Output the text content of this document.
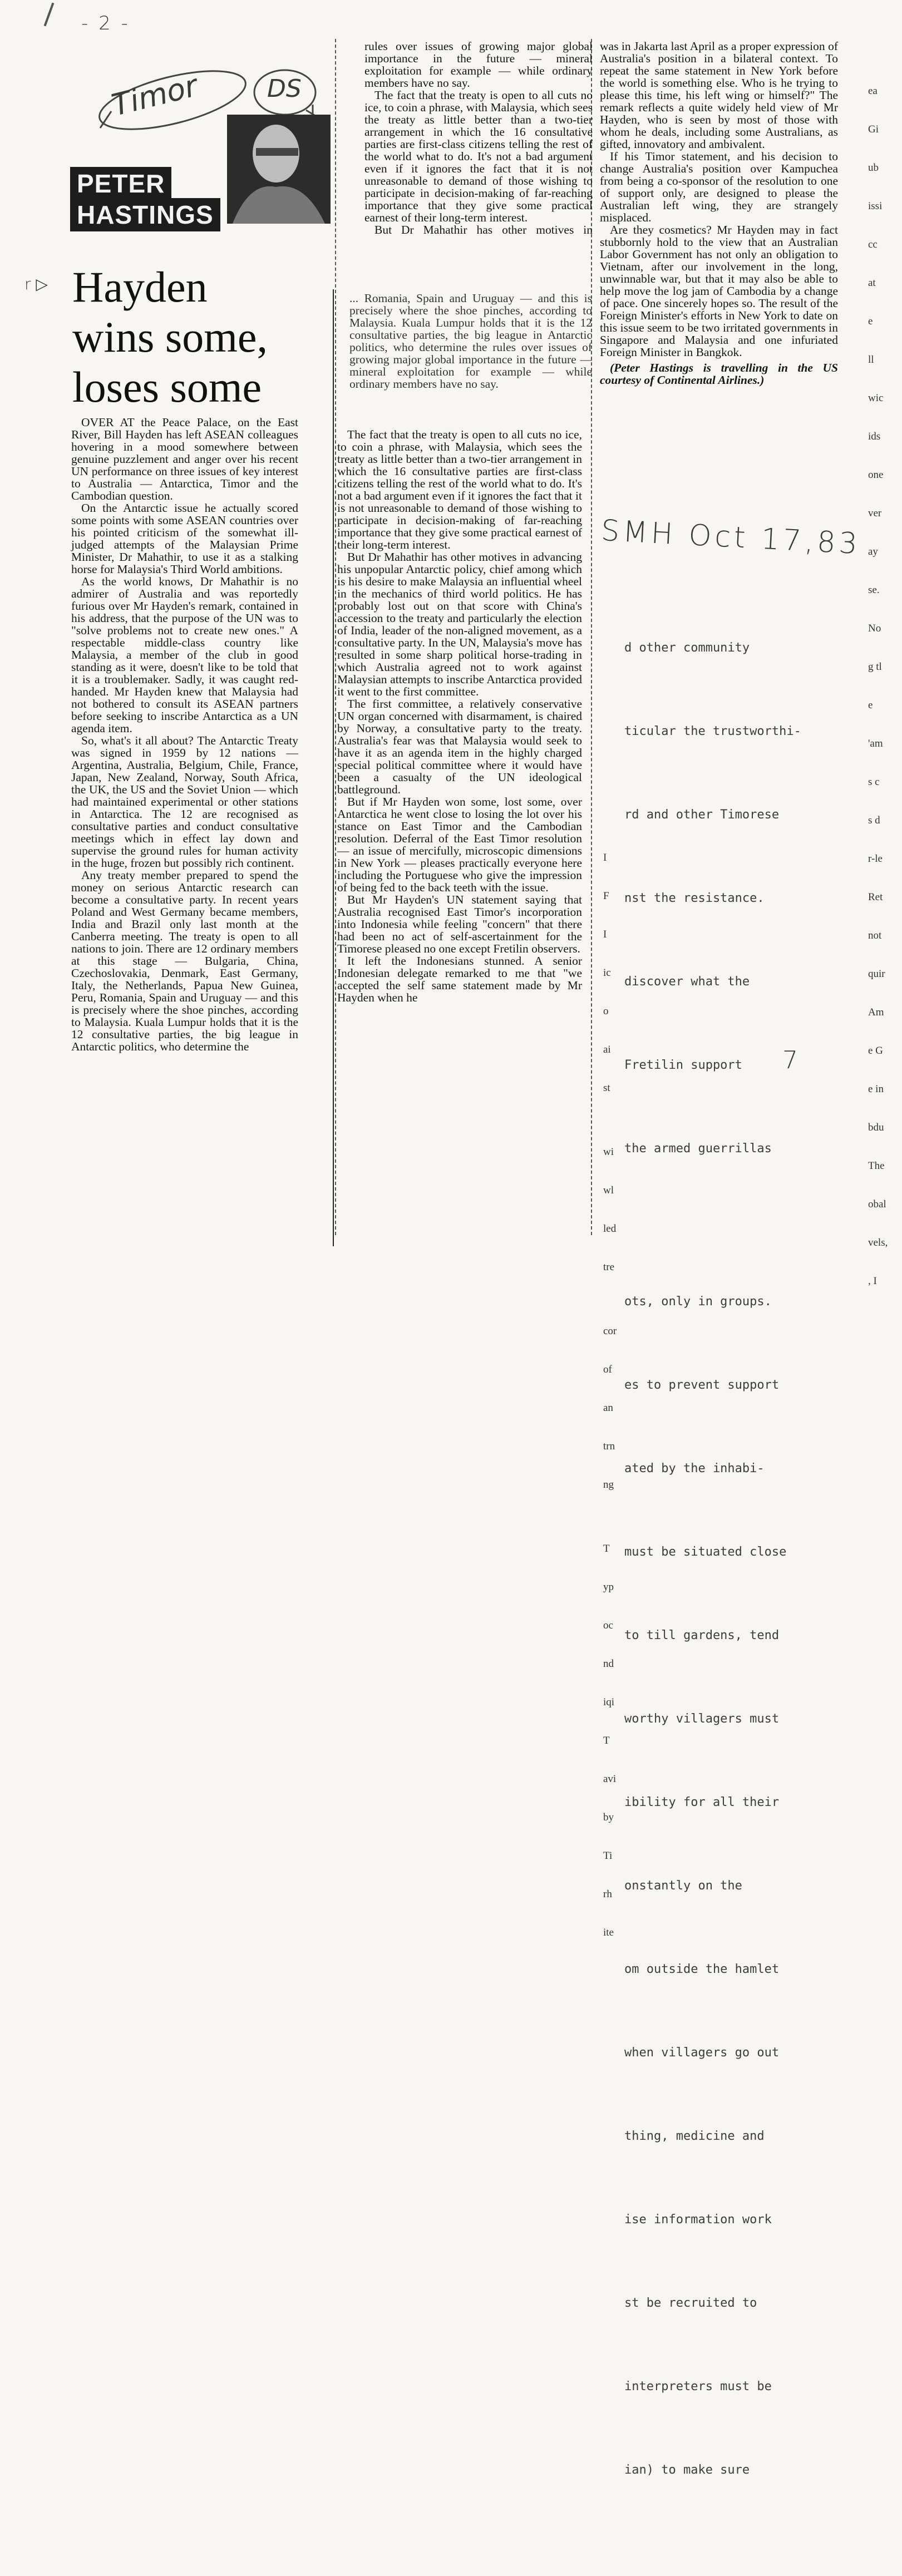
- 2 -
Timor	DS
PETER
HASTINGS
r ▷ Hayden
wins some,
loses some

OVER AT the Peace Palace, on the East River, Bill Hayden has left ASEAN colleagues hovering in a mood somewhere between genuine puzzlement and anger over his recent UN performance on three issues of key interest to Australia — Antarctica, Timor and the Cambodian question.

On the Antarctic issue he actually scored some points with some ASEAN countries over his pointed criticism of the somewhat ill-judged attempts of the Malaysian Prime Minister, Dr Mahathir, to use it as a stalking horse for Malaysia's Third World ambitions.

As the world knows, Dr Mahathir is no admirer of Australia and was reportedly furious over Mr Hayden's remark, contained in his address, that the purpose of the UN was to "solve problems not to create new ones." A respectable middle-class country like Malaysia, a member of the club in good standing as it were, doesn't like to be told that it is a troublemaker. Sadly, it was caught red-handed. Mr Hayden knew that Malaysia had not bothered to consult its ASEAN partners before seeking to inscribe Antarctica as a UN agenda item.

So, what's it all about? The Antarctic Treaty was signed in 1959 by 12 nations — Argentina, Australia, Belgium, Chile, France, Japan, New Zealand, Norway, South Africa, the UK, the US and the Soviet Union — which had maintained experimental or other stations in Antarctica. The 12 are recognised as consultative parties and conduct consultative meetings which in effect lay down and supervise the ground rules for human activity in the huge, frozen but possibly rich continent.

Any treaty member prepared to spend the money on serious Antarctic research can become a consultative party. In recent years Poland and West Germany became members, India and Brazil only last month at the Canberra meeting. The treaty is open to all nations to join. There are 12 ordinary members at this stage — Bulgaria, China, Czechoslovakia, Denmark, East Germany, Italy, the Netherlands, Papua New Guinea, Peru, Romania, Spain and Uruguay — and this is precisely where the shoe pinches, according to Malaysia. Kuala Lumpur holds that it is the 12 consultative parties, the big league in Antarctic politics, who determine the

rules over issues of growing major global importance in the future — mineral exploitation for example — while ordinary members have no say.

The fact that the treaty is open to all cuts no ice, to coin a phrase, with Malaysia, which sees the treaty as little better than a two-tier arrangement in which the 16 consultative parties are first-class citizens telling the rest of the world what to do. It's not a bad argument even if it ignores the fact that it is not unreasonable to demand of those wishing to participate in decision-making of far-reaching importance that they give some practical earnest of their long-term interest.

But Dr Mahathir has other motives in

... Romania, Spain and Uruguay — and this is precisely where the shoe pinches, according to Malaysia. Kuala Lumpur holds that it is the 12 consultative parties, the big league in Antarctic politics, who determine the rules over issues of growing major global importance in the future — mineral exploitation for example — while ordinary members have no say.

The fact that the treaty is open to all cuts no ice, to coin a phrase, with Malaysia, which sees the treaty as little better than a two-tier arrangement in which the 16 consultative parties are first-class citizens telling the rest of the world what to do. It's not a bad argument even if it ignores the fact that it is not unreasonable to demand of those wishing to participate in decision-making of far-reaching importance that they give some practical earnest of their long-term interest.

But Dr Mahathir has other motives in advancing his unpopular Antarctic policy, chief among which is his desire to make Malaysia an influential wheel in the mechanics of third world politics. He has probably lost out on that score with China's accession to the treaty and particularly the election of India, leader of the non-aligned movement, as a consultative party. In the UN, Malaysia's move has resulted in some sharp political horse-trading in which Australia agreed not to work against Malaysian attempts to inscribe Antarctica provided it went to the first committee.

The first committee, a relatively conservative UN organ concerned with disarmament, is chaired by Norway, a consultative party to the treaty. Australia's fear was that Malaysia would seek to have it as an agenda item in the highly charged special political committee where it would have been a casualty of the UN ideological battleground.

But if Mr Hayden won some, lost some, over Antarctica he went close to losing the lot over his stance on East Timor and the Cambodian resolution. Deferral of the East Timor resolution — an issue of mercifully, microscopic dimensions in New York — pleases practically everyone here including the Portuguese who give the impression of being fed to the back teeth with the issue.

But Mr Hayden's UN statement saying that Australia recognised East Timor's incorporation into Indonesia while feeling "concern" that there had been no act of self-ascertainment for the Timorese pleased no one except Fretilin observers.

It left the Indonesians stunned. A senior Indonesian delegate remarked to me that "we accepted the self same statement made by Mr Hayden when he

was in Jakarta last April as a proper expression of Australia's position in a bilateral context. To repeat the same statement in New York before the world is something else. Who is he trying to please this time, his left wing or himself?" The remark reflects a quite widely held view of Mr Hayden, who is seen by most of those with whom he deals, including some Australians, as gifted, innovatory and ambivalent.

If his Timor statement, and his decision to change Australia's position over Kampuchea from being a co-sponsor of the resolution to one of support only, are designed to please the Australian left wing, they are strangely misplaced.

Are they cosmetics? Mr Hayden may in fact stubbornly hold to the view that an Australian Labor Government has not only an obligation to Vietnam, after our involvement in the long, unwinnable war, but that it may also be able to help move the log jam of Cambodia by a change of pace. One sincerely hopes so. The result of the Foreign Minister's efforts in New York to date on this issue seem to be two irritated governments in Singapore and Malaysia and one infuriated Foreign Minister in Bangkok.

(Peter Hastings is travelling in the US courtesy of Continental Airlines.)

SMH Oct 17,83

ea

Gi

ub

issi

cc

at

e

ll

wic

ids

one

ver

ay

se.

No

g tl

e

'am

s c

s d

r-le

Ret

not

quir

Am

e G

e in

bdu

The

obal

vels,

, I

I

F

I

ic

o

ai

st

wi

wl

led

tre

cor

of

an

trn

ng

T

yp

oc

nd

iqi

T

avi

by

Ti

rh

ite

d other community

ticular the trustworthi-

rd and other Timorese

nst the resistance.

discover what the

Fretilin support

the armed guerrillas

ots, only in groups.

es to prevent support

ated by the inhabi-

must be situated close

to till gardens, tend

worthy villagers must

ibility for all their

onstantly on the

om outside the hamlet

when villagers go out

thing, medicine and

ise information work

st be recruited to

interpreters must be

ian) to make sure

7
